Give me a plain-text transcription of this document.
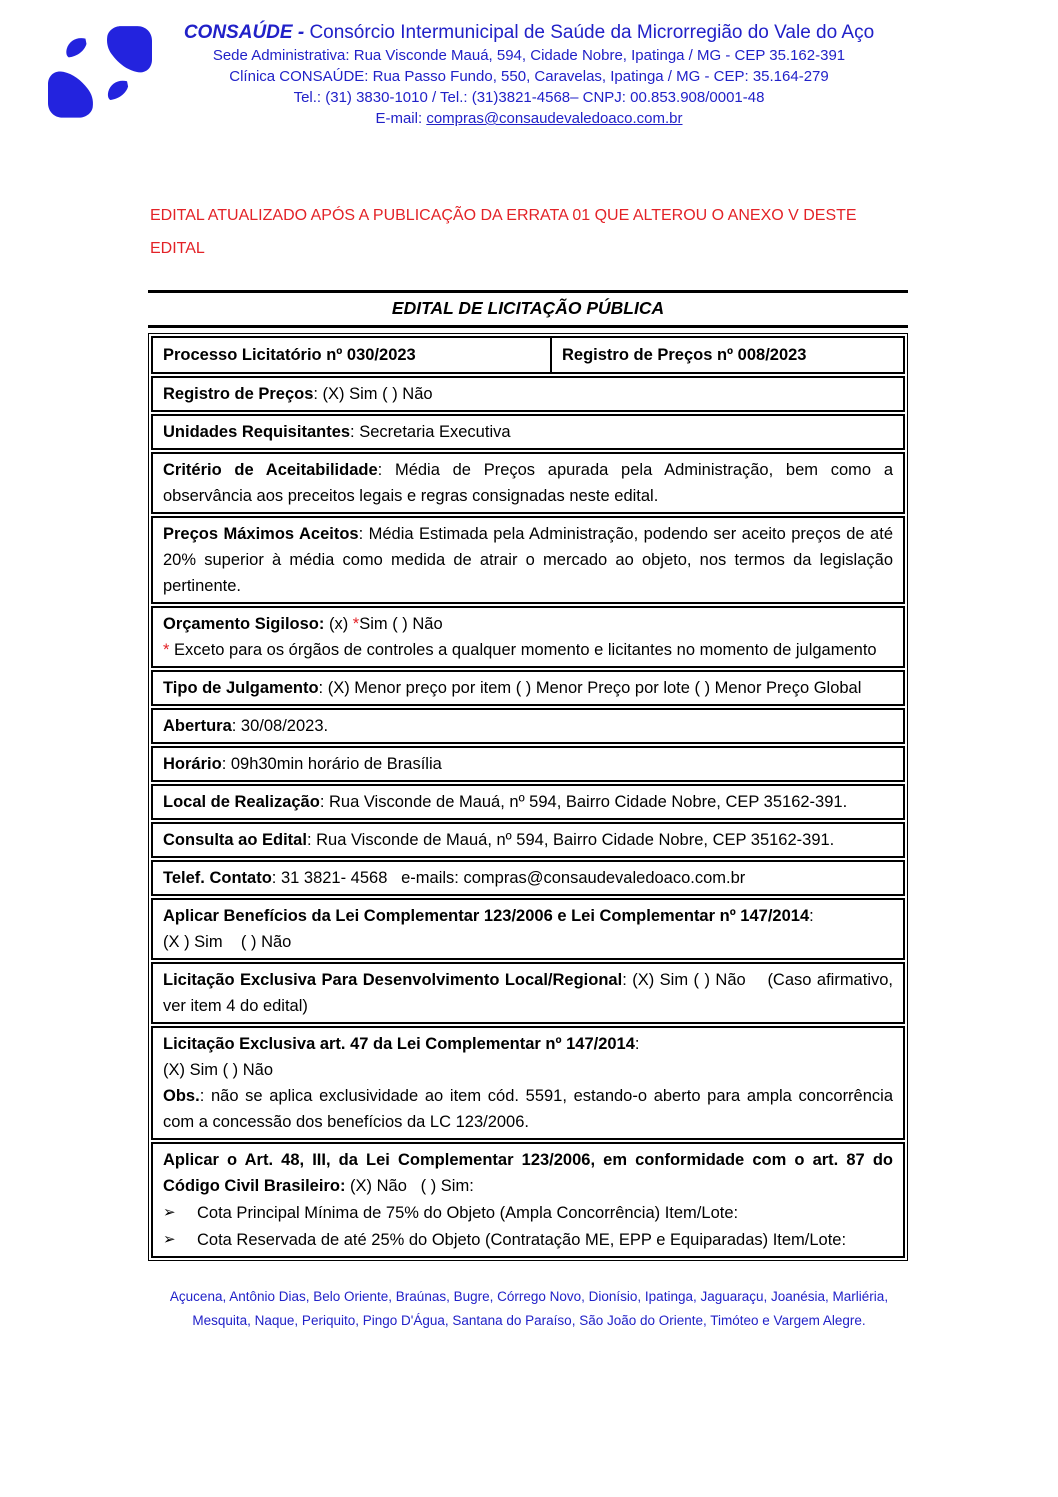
CONSAÚDE - Consórcio Intermunicipal de Saúde da Microrregião do Vale do Aço
Sede Administrativa: Rua Visconde Mauá, 594, Cidade Nobre, Ipatinga / MG - CEP 35.162-391
Clínica CONSAÚDE: Rua Passo Fundo, 550, Caravelas, Ipatinga / MG - CEP: 35.164-279
Tel.: (31) 3830-1010 / Tel.: (31)3821-4568– CNPJ: 00.853.908/0001-48
E-mail: compras@consaudevaledoaco.com.br

EDITAL ATUALIZADO APÓS A PUBLICAÇÃO DA ERRATA 01 QUE ALTEROU O ANEXO V DESTE EDITAL

EDITAL DE LICITAÇÃO PÚBLICA

Processo Licitatório nº 030/2023	Registro de Preços nº 008/2023

Registro de Preços: (X) Sim ( ) Não

Unidades Requisitantes: Secretaria Executiva

Critério de Aceitabilidade: Média de Preços apurada pela Administração, bem como a observância aos preceitos legais e regras consignadas neste edital.

Preços Máximos Aceitos: Média Estimada pela Administração, podendo ser aceito preços de até 20% superior à média como medida de atrair o mercado ao objeto, nos termos da legislação pertinente.

Orçamento Sigiloso: (x) *Sim ( ) Não

* Exceto para os órgãos de controles a qualquer momento e licitantes no momento de julgamento

Tipo de Julgamento: (X) Menor preço por item ( ) Menor Preço por lote ( ) Menor Preço Global

Abertura: 30/08/2023.

Horário: 09h30min horário de Brasília

Local de Realização: Rua Visconde de Mauá, nº 594, Bairro Cidade Nobre, CEP 35162-391.

Consulta ao Edital: Rua Visconde de Mauá, nº 594, Bairro Cidade Nobre, CEP 35162-391.

Telef. Contato: 31 3821- 4568   e-mails: compras@consaudevaledoaco.com.br

Aplicar Benefícios da Lei Complementar 123/2006 e Lei Complementar nº 147/2014:

(X ) Sim    ( ) Não

Licitação Exclusiva Para Desenvolvimento Local/Regional: (X) Sim ( ) Não    (Caso afirmativo, ver item 4 do edital)

Licitação Exclusiva art. 47 da Lei Complementar nº 147/2014:

(X) Sim ( ) Não

Obs.: não se aplica exclusividade ao item cód. 5591, estando-o aberto para ampla concorrência com a concessão dos benefícios da LC 123/2006.

Aplicar o Art. 48, III, da Lei Complementar 123/2006, em conformidade com o art. 87 do Código Civil Brasileiro: (X) Não   ( ) Sim:

➢	Cota Principal Mínima de 75% do Objeto (Ampla Concorrência) Item/Lote:

➢	Cota Reservada de até 25% do Objeto (Contratação ME, EPP e Equiparadas) Item/Lote:

Açucena, Antônio Dias, Belo Oriente, Braúnas, Bugre, Córrego Novo, Dionísio, Ipatinga, Jaguaraçu, Joanésia, Marliéria,
Mesquita, Naque, Periquito, Pingo D'Água, Santana do Paraíso, São João do Oriente, Timóteo e Vargem Alegre.
